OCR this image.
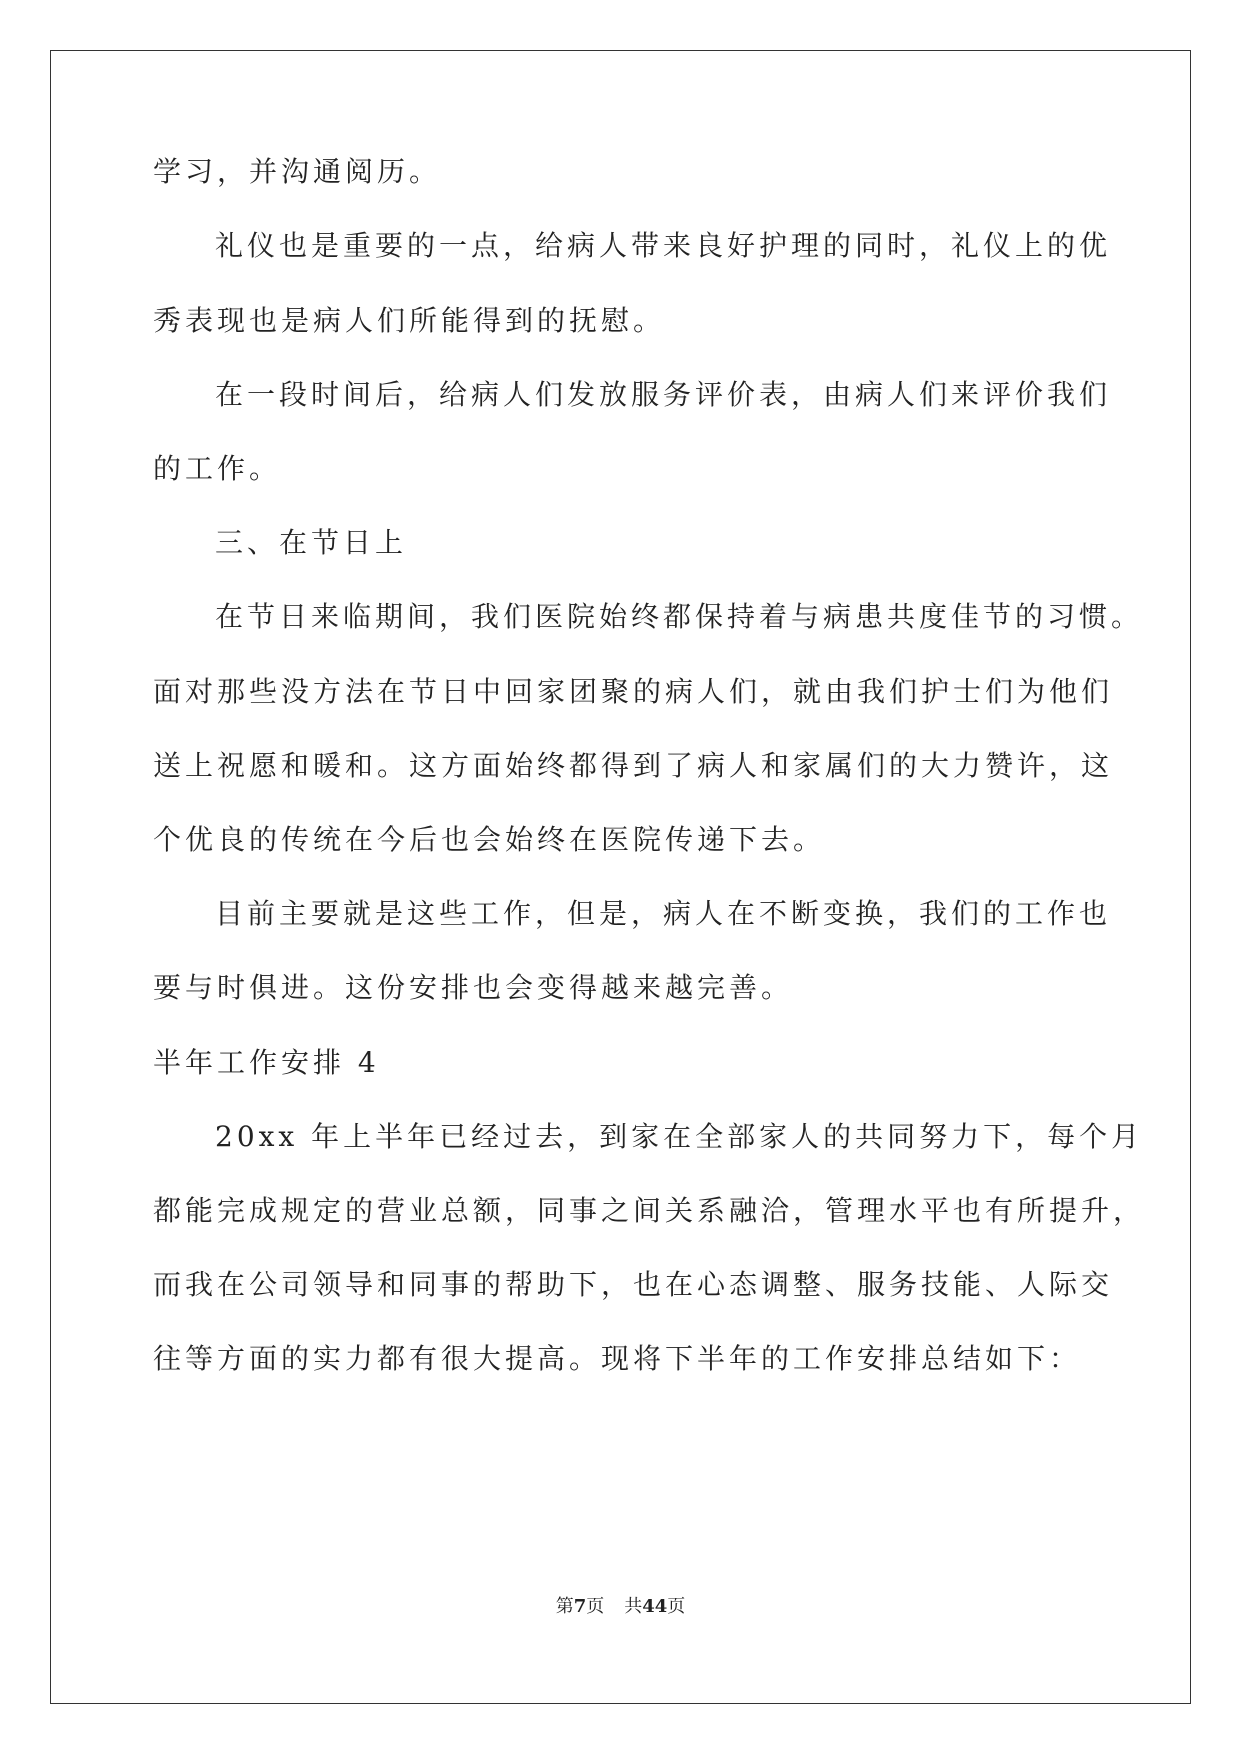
学习，并沟通阅历。
礼仪也是重要的一点，给病人带来良好护理的同时，礼仪上的优
秀表现也是病人们所能得到的抚慰。
在一段时间后，给病人们发放服务评价表，由病人们来评价我们
的工作。
三、在节日上
在节日来临期间，我们医院始终都保持着与病患共度佳节的习惯。
面对那些没方法在节日中回家团聚的病人们，就由我们护士们为他们
送上祝愿和暖和。这方面始终都得到了病人和家属们的大力赞许，这
个优良的传统在今后也会始终在医院传递下去。
目前主要就是这些工作，但是，病人在不断变换，我们的工作也
要与时俱进。这份安排也会变得越来越完善。
半年工作安排 4
20xx 年上半年已经过去，到家在全部家人的共同努力下，每个月
都能完成规定的营业总额，同事之间关系融洽，管理水平也有所提升，
而我在公司领导和同事的帮助下，也在心态调整、服务技能、人际交
往等方面的实力都有很大提高。现将下半年的工作安排总结如下：
第7页 共44页
